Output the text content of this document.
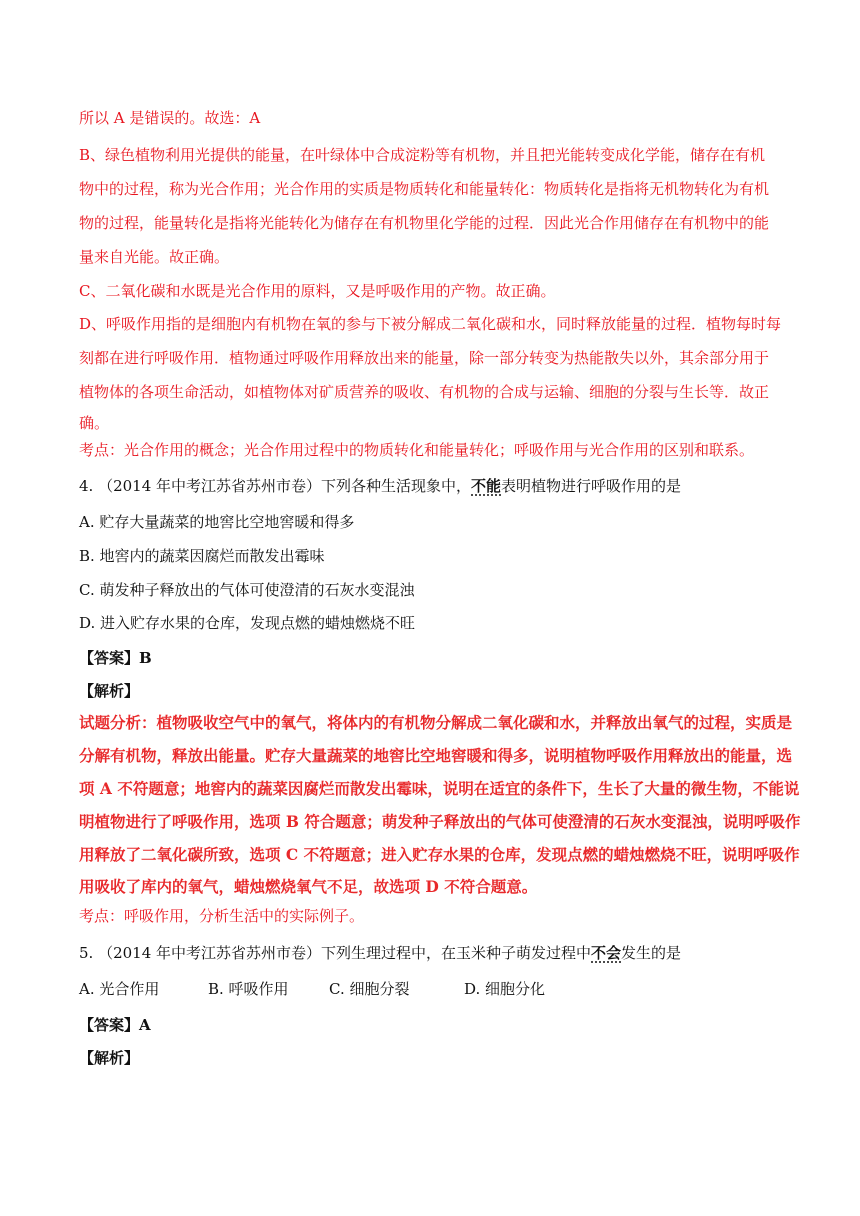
所以 A 是错误的。故选：A
B、绿色植物利用光提供的能量，在叶绿体中合成淀粉等有机物，并且把光能转变成化学能，储存在有机
物中的过程，称为光合作用；光合作用的实质是物质转化和能量转化：物质转化是指将无机物转化为有机
物的过程，能量转化是指将光能转化为储存在有机物里化学能的过程．因此光合作用储存在有机物中的能
量来自光能。故正确。
C、二氧化碳和水既是光合作用的原料，又是呼吸作用的产物。故正确。
D、呼吸作用指的是细胞内有机物在氧的参与下被分解成二氧化碳和水，同时释放能量的过程．植物每时每
刻都在进行呼吸作用．植物通过呼吸作用释放出来的能量，除一部分转变为热能散失以外，其余部分用于
植物体的各项生命活动，如植物体对矿质营养的吸收、有机物的合成与运输、细胞的分裂与生长等．故正
确。
考点：光合作用的概念；光合作用过程中的物质转化和能量转化；呼吸作用与光合作用的区别和联系。
4. （2014 年中考江苏省苏州市卷）下列各种生活现象中，不能表明植物进行呼吸作用的是
A. 贮存大量蔬菜的地窖比空地窖暖和得多
B. 地窖内的蔬菜因腐烂而散发出霉味
C. 萌发种子释放出的气体可使澄清的石灰水变混浊
D. 进入贮存水果的仓库，发现点燃的蜡烛燃烧不旺
【答案】B
【解析】
试题分析：植物吸收空气中的氧气，将体内的有机物分解成二氧化碳和水，并释放出氧气的过程，实质是
分解有机物，释放出能量。贮存大量蔬菜的地窖比空地窖暖和得多，说明植物呼吸作用释放出的能量，选
项 A 不符题意；地窖内的蔬菜因腐烂而散发出霉味，说明在适宜的条件下，生长了大量的微生物，不能说
明植物进行了呼吸作用，选项 B 符合题意；萌发种子释放出的气体可使澄清的石灰水变混浊，说明呼吸作
用释放了二氧化碳所致，选项 C 不符题意；进入贮存水果的仓库，发现点燃的蜡烛燃烧不旺，说明呼吸作
用吸收了库内的氧气，蜡烛燃烧氧气不足，故选项 D 不符合题意。
考点：呼吸作用，分析生活中的实际例子。
5. （2014 年中考江苏省苏州市卷）下列生理过程中，在玉米种子萌发过程中不会发生的是
A. 光合作用	B. 呼吸作用	C. 细胞分裂	D. 细胞分化
【答案】A
【解析】
